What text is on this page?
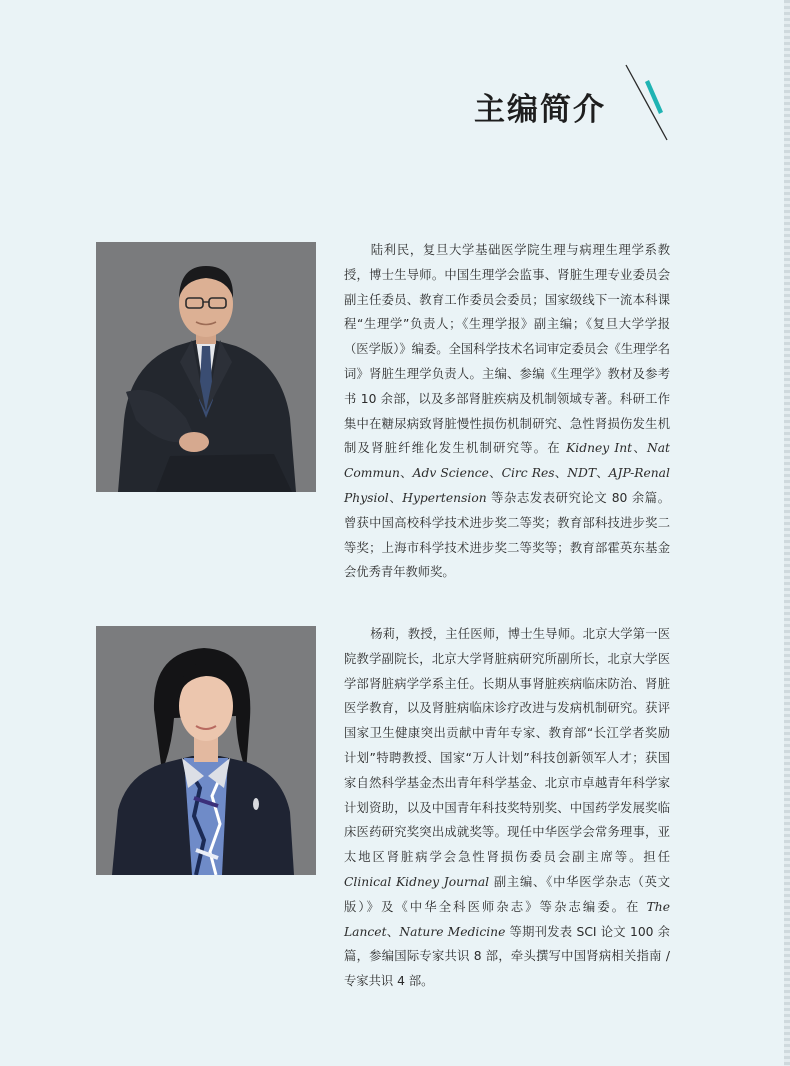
主编简介

陆利民，复旦大学基础医学院生理与病理生理学系教授，博士生导师。中国生理学会监事、肾脏生理专业委员会副主任委员、教育工作委员会委员；国家级线下一流本科课程“生理学”负责人；《生理学报》副主编；《复旦大学学报（医学版）》编委。全国科学技术名词审定委员会《生理学名词》肾脏生理学负责人。主编、参编《生理学》教材及参考书 10 余部，以及多部肾脏疾病及机制领域专著。科研工作集中在糖尿病致肾脏慢性损伤机制研究、急性肾损伤发生机制及肾脏纤维化发生机制研究等。在 Kidney Int、Nat Commun、Adv Science、Circ Res、NDT、AJP-Renal Physiol、Hypertension 等杂志发表研究论文 80 余篇。曾获中国高校科学技术进步奖二等奖；教育部科技进步奖二等奖；上海市科学技术进步奖二等奖等；教育部霍英东基金会优秀青年教师奖。

杨莉，教授，主任医师，博士生导师。北京大学第一医院教学副院长，北京大学肾脏病研究所副所长，北京大学医学部肾脏病学学系主任。长期从事肾脏疾病临床防治、肾脏医学教育，以及肾脏病临床诊疗改进与发病机制研究。获评国家卫生健康突出贡献中青年专家、教育部“长江学者奖励计划”特聘教授、国家“万人计划”科技创新领军人才；获国家自然科学基金杰出青年科学基金、北京市卓越青年科学家计划资助，以及中国青年科技奖特别奖、中国药学发展奖临床医药研究奖突出成就奖等。现任中华医学会常务理事，亚太地区肾脏病学会急性肾损伤委员会副主席等。担任 Clinical Kidney Journal 副主编、《中华医学杂志（英文版）》及《中华全科医师杂志》等杂志编委。在 The Lancet、Nature Medicine 等期刊发表 SCI 论文 100 余篇，参编国际专家共识 8 部，牵头撰写中国肾病相关指南 / 专家共识 4 部。
